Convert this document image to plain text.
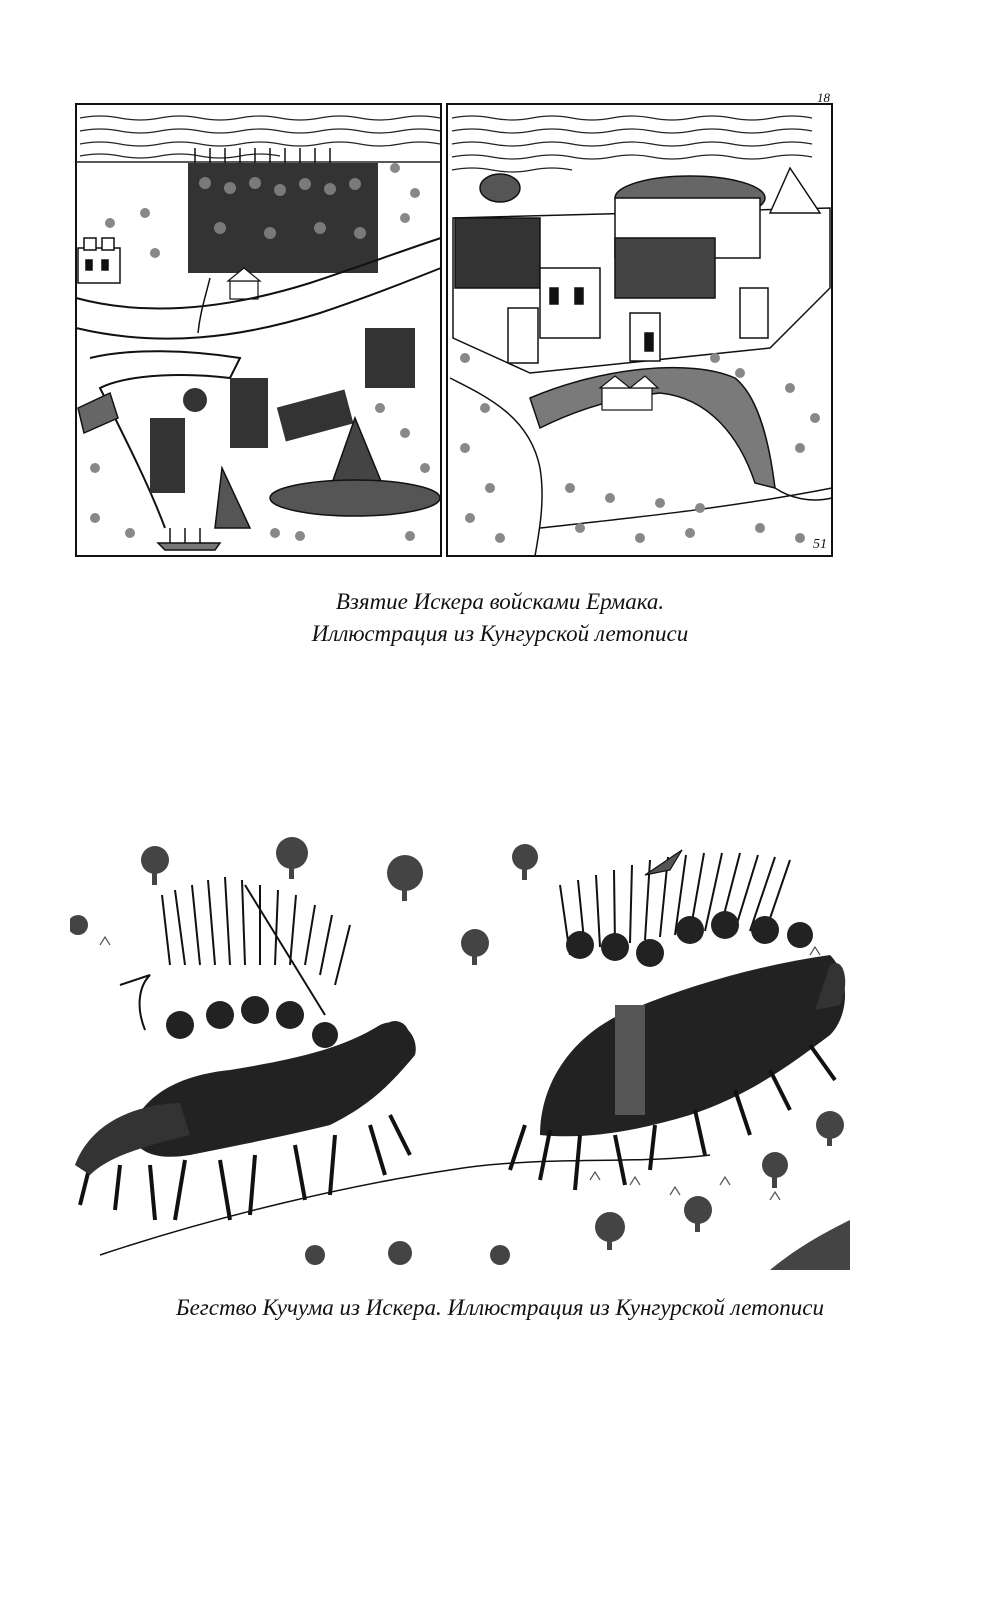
18
51
Взятие Искера войсками Ермака.
Иллюстрация из Кунгурской летописи
Бегство Кучума из Искера. Иллюстрация из Кунгурской летописи
